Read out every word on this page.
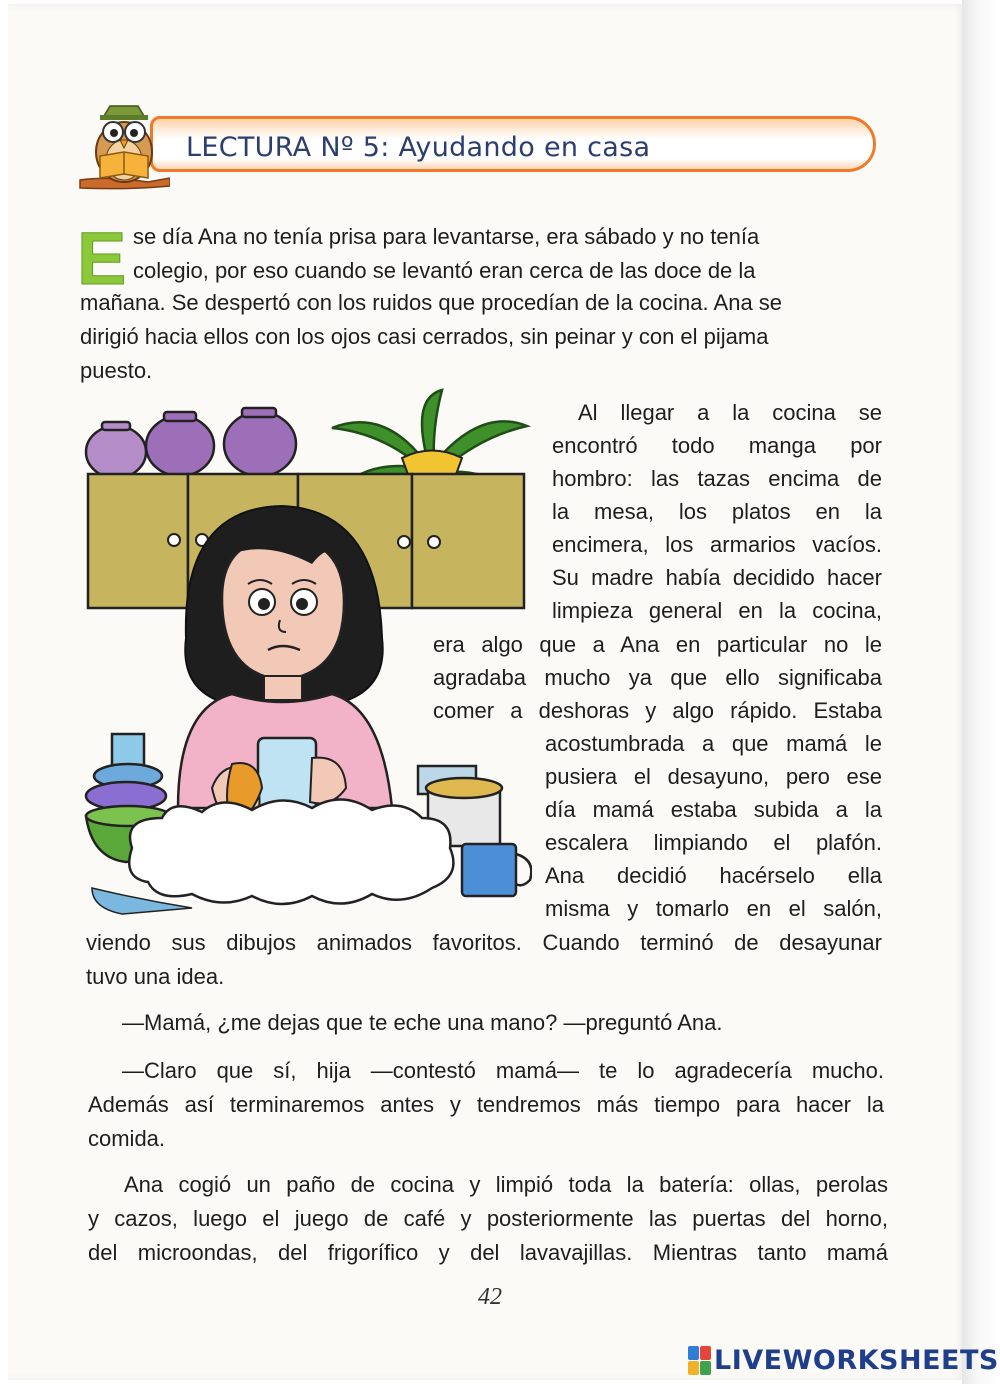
LECTURA Nº 5: Ayudando en casa
E se día Ana no tenía prisa para levantarse, era sábado y no tenía
colegio, por eso cuando se levantó eran cerca de las doce de la
mañana. Se despertó con los ruidos que procedían de la cocina. Ana se
dirigió hacia ellos con los ojos casi cerrados, sin peinar y con el pijama
puesto.
Al llegar a la cocina se
encontró todo manga por
hombro: las tazas encima de
la mesa, los platos en la
encimera, los armarios vacíos.
Su madre había decidido hacer
limpieza general en la cocina,
era algo que a Ana en particular no le
agradaba mucho ya que ello significaba
comer a deshoras y algo rápido. Estaba
acostumbrada a que mamá le
pusiera el desayuno, pero ese
día mamá estaba subida a la
escalera limpiando el plafón.
Ana decidió hacérselo ella
misma y tomarlo en el salón,
viendo sus dibujos animados favoritos. Cuando terminó de desayunar
tuvo una idea.
—Mamá, ¿me dejas que te eche una mano? —preguntó Ana.
—Claro que sí, hija —contestó mamá— te lo agradecería mucho.
Además así terminaremos antes y tendremos más tiempo para hacer la
comida.
Ana cogió un paño de cocina y limpió toda la batería: ollas, perolas
y cazos, luego el juego de café y posteriormente las puertas del horno,
del microondas, del frigorífico y del lavavajillas. Mientras tanto mamá
42
LIVEWORKSHEETS
